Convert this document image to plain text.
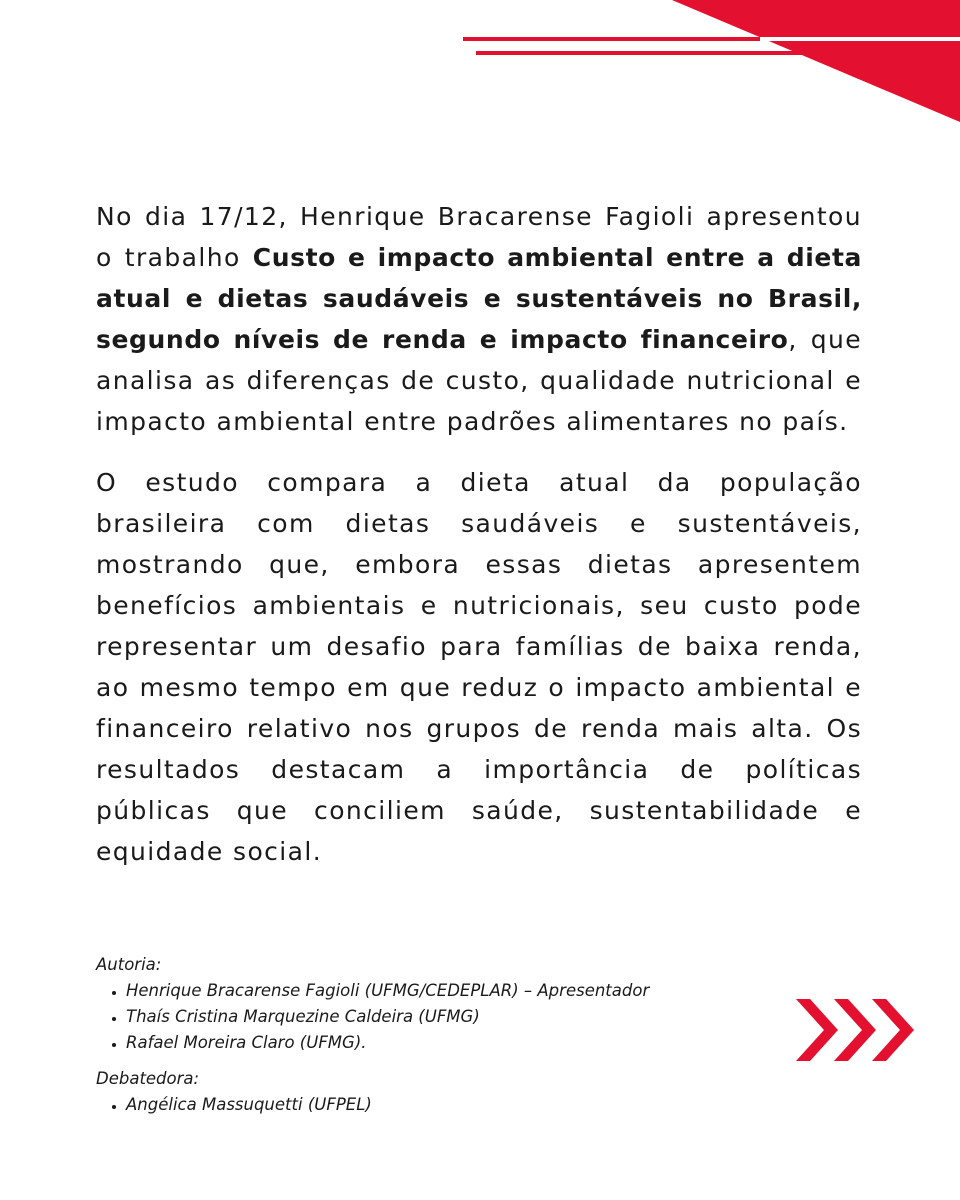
No dia 17/12, Henrique Bracarense Fagioli apresentou o trabalho Custo e impacto ambiental entre a dieta atual e dietas saudáveis e sustentáveis no Brasil, segundo níveis de renda e impacto financeiro, que analisa as diferenças de custo, qualidade nutricional e impacto ambiental entre padrões alimentares no país.

O estudo compara a dieta atual da população brasileira com dietas saudáveis e sustentáveis, mostrando que, embora essas dietas apresentem benefícios ambientais e nutricionais, seu custo pode representar um desafio para famílias de baixa renda, ao mesmo tempo em que reduz o impacto ambiental e financeiro relativo nos grupos de renda mais alta. Os resultados destacam a importância de políticas públicas que conciliem saúde, sustentabilidade e equidade social.

Autoria:

• Henrique Bracarense Fagioli (UFMG/CEDEPLAR) – Apresentador
• Thaís Cristina Marquezine Caldeira (UFMG)
• Rafael Moreira Claro (UFMG).

Debatedora:

• Angélica Massuquetti (UFPEL)
